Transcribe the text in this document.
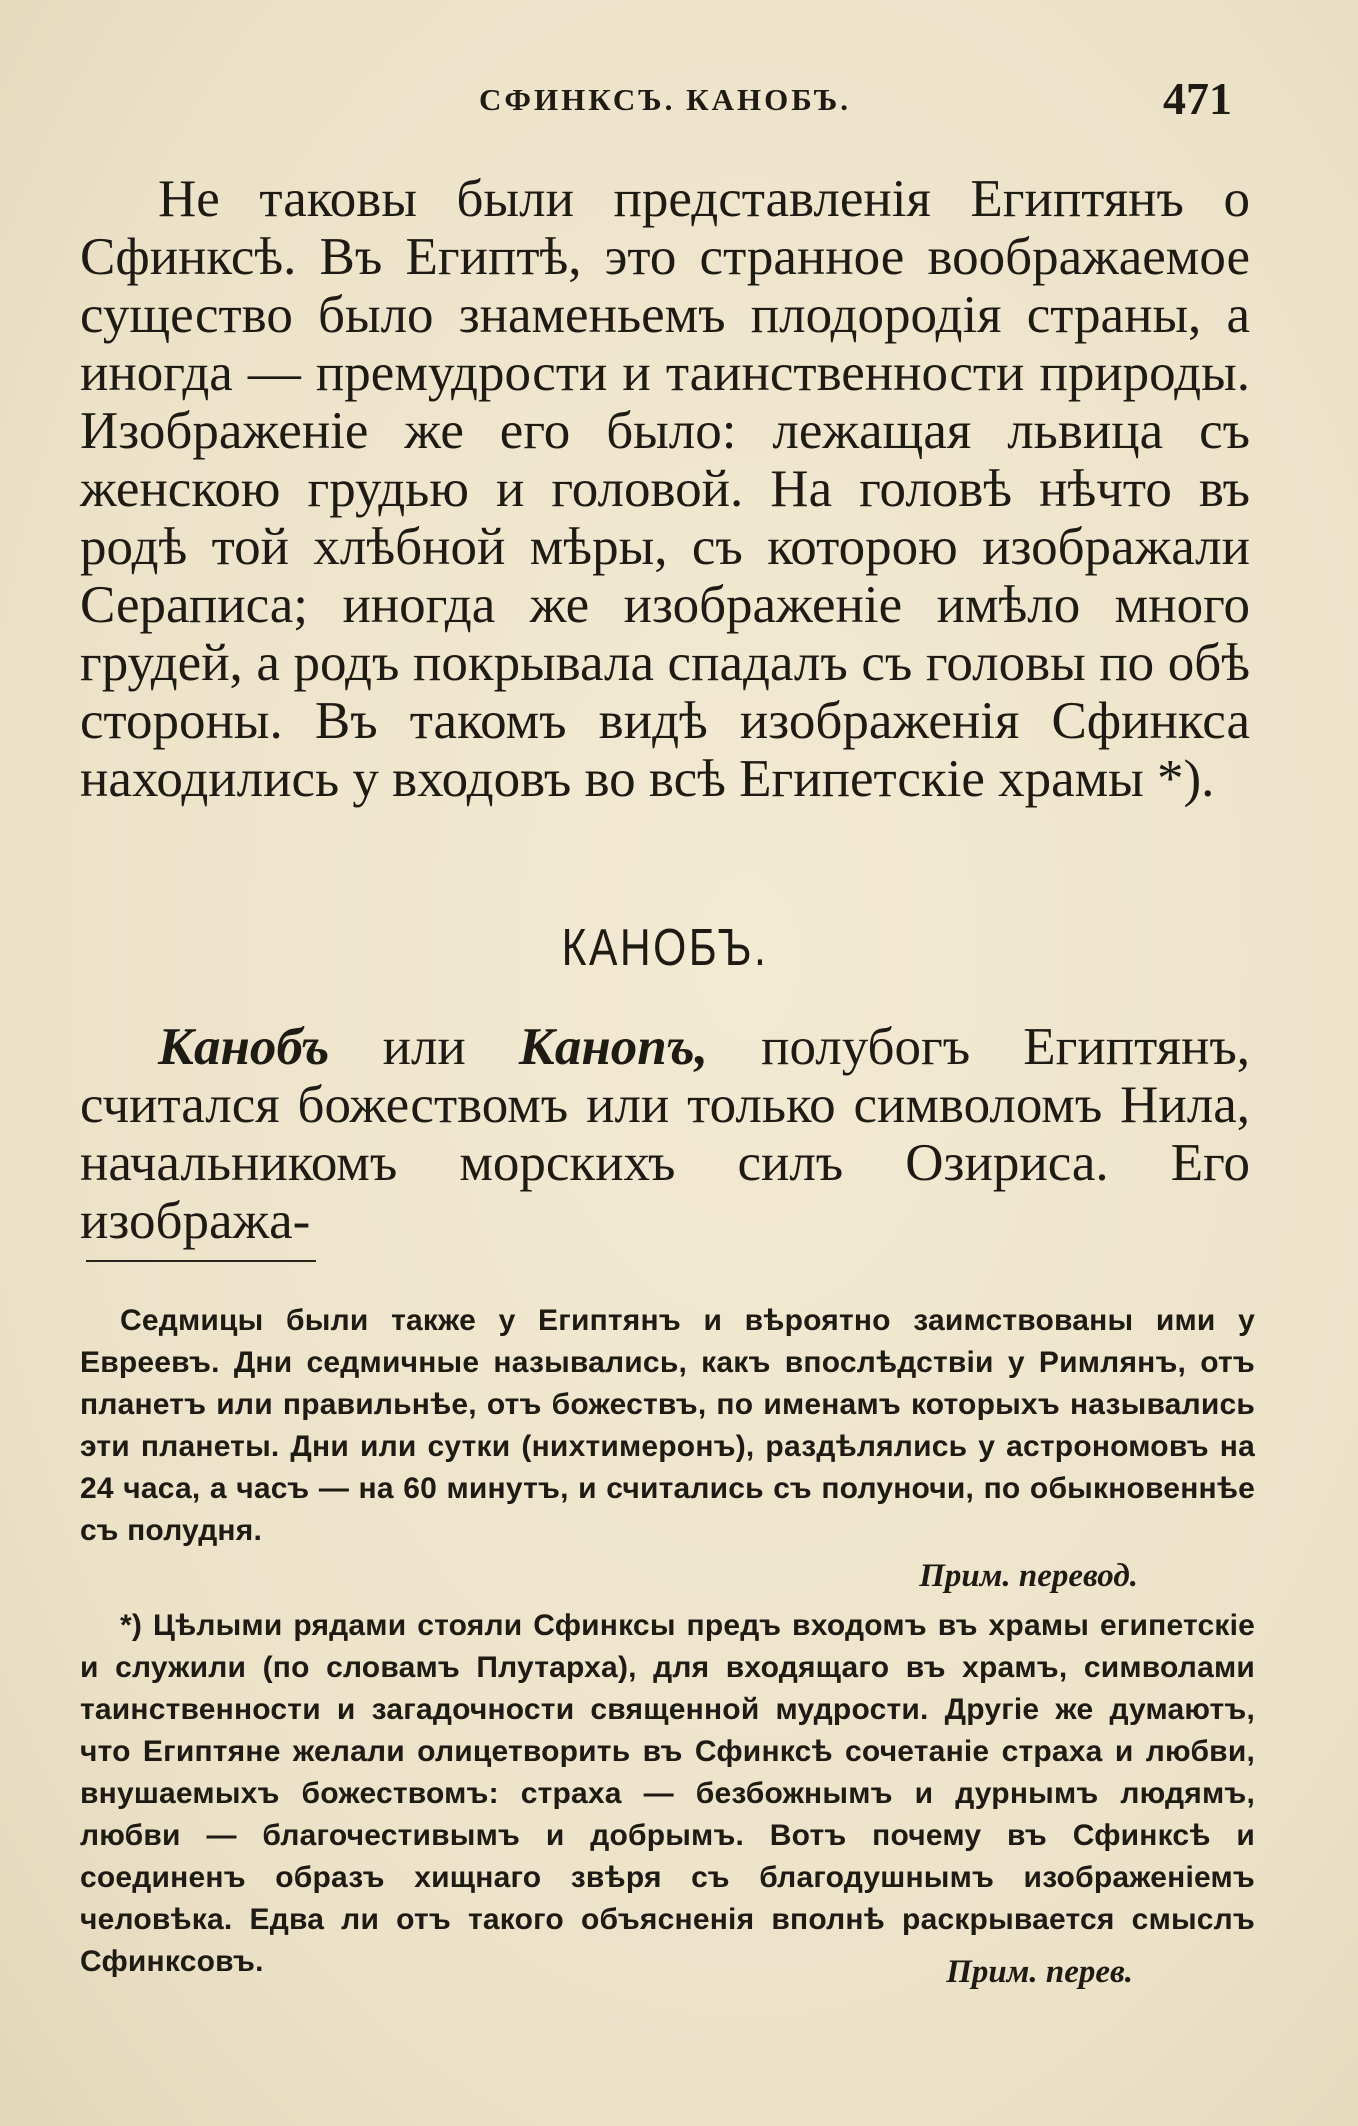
СФИНКСЪ. КАНОБЪ.	471

Не таковы были представленія Египтянъ о Сфинксѣ. Въ Египтѣ, это странное воображаемое существо было знаменьемъ плодородія страны, а иногда — премудрости и таинственности природы. Изображеніе же его было: лежащая львица съ женскою грудью и головой. На головѣ нѣчто въ родѣ той хлѣбной мѣры, съ которою изображали Сераписа; иногда же изображеніе имѣло много грудей, а родъ покрывала спадалъ съ головы по обѣ стороны. Въ такомъ видѣ изображенія Сфинкса находились у входовъ во всѣ Египетскіе храмы *).

КАНОБЪ.

Канобъ или Канопъ, полубогъ Египтянъ, считался божествомъ или только символомъ Нила, начальникомъ морскихъ силъ Озириса. Его изобража-

Седмицы были также у Египтянъ и вѣроятно заимствованы ими у Евреевъ. Дни седмичные назывались, какъ впослѣдствіи у Римлянъ, отъ планетъ или правильнѣе, отъ божествъ, по именамъ которыхъ назывались эти планеты. Дни или сутки (нихтимеронъ), раздѣлялись у астрономовъ на 24 часа, а часъ — на 60 минутъ, и считались съ полуночи, по обыкновеннѣе съ полудня.

Прим. перевод.

*) Цѣлыми рядами стояли Сфинксы предъ входомъ въ храмы египетскіе и служили (по словамъ Плутарха), для входящаго въ храмъ, символами таинственности и загадочности священной мудрости. Другіе же думаютъ, что Египтяне желали олицетворить въ Сфинксѣ сочетаніе страха и любви, внушаемыхъ божествомъ: страха — безбожнымъ и дурнымъ людямъ, любви — благочестивымъ и добрымъ. Вотъ почему въ Сфинксѣ и соединенъ образъ хищнаго звѣря съ благодушнымъ изображеніемъ человѣка. Едва ли отъ такого объясненія вполнѣ раскрывается смыслъ Сфинксовъ.	Прим. перев.
